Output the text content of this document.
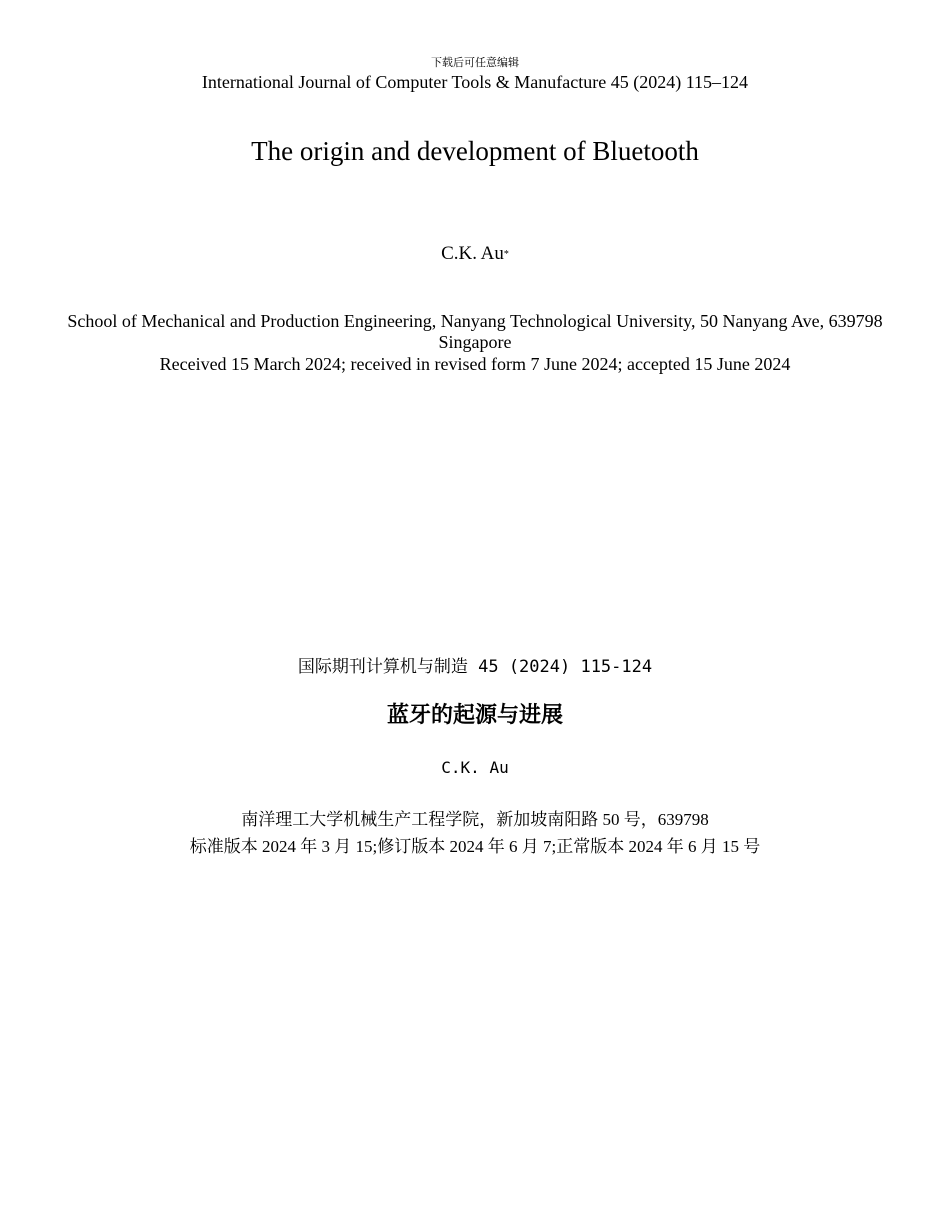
下载后可任意编辑
International Journal of Computer Tools & Manufacture 45 (2024) 115–124
The origin and development of Bluetooth
C.K. Au*
School of Mechanical and Production Engineering, Nanyang Technological University, 50 Nanyang Ave, 639798 Singapore
Received 15 March 2024; received in revised form 7 June 2024; accepted 15 June 2024
国际期刊计算机与制造 45 (2024) 115-124
蓝牙的起源与进展
C.K. Au
南洋理工大学机械生产工程学院，新加坡南阳路 50 号，639798
标准版本 2024 年 3 月 15;修订版本 2024 年 6 月 7;正常版本 2024 年 6 月 15 号
